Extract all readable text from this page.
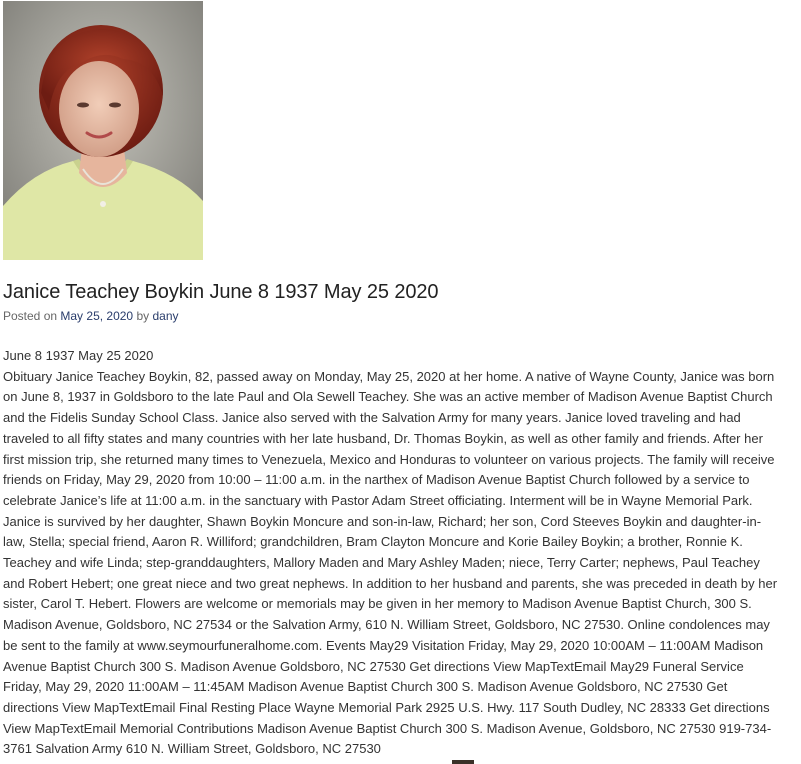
Janice Teachey Boykin June 8 1937 May 25 2020
Posted on May 25, 2020 by dany

June 8 1937 May 25 2020

Obituary Janice Teachey Boykin, 82, passed away on Monday, May 25, 2020 at her home. A native of Wayne County, Janice was born on June 8, 1937 in Goldsboro to the late Paul and Ola Sewell Teachey. She was an active member of Madison Avenue Baptist Church and the Fidelis Sunday School Class. Janice also served with the Salvation Army for many years. Janice loved traveling and had traveled to all fifty states and many countries with her late husband, Dr. Thomas Boykin, as well as other family and friends. After her first mission trip, she returned many times to Venezuela, Mexico and Honduras to volunteer on various projects. The family will receive friends on Friday, May 29, 2020 from 10:00 – 11:00 a.m. in the narthex of Madison Avenue Baptist Church followed by a service to celebrate Janice’s life at 11:00 a.m. in the sanctuary with Pastor Adam Street officiating. Interment will be in Wayne Memorial Park. Janice is survived by her daughter, Shawn Boykin Moncure and son-in-law, Richard; her son, Cord Steeves Boykin and daughter-in-law, Stella; special friend, Aaron R. Williford; grandchildren, Bram Clayton Moncure and Korie Bailey Boykin; a brother, Ronnie K. Teachey and wife Linda; step-granddaughters, Mallory Maden and Mary Ashley Maden; niece, Terry Carter; nephews, Paul Teachey and Robert Hebert; one great niece and two great nephews. In addition to her husband and parents, she was preceded in death by her sister, Carol T. Hebert. Flowers are welcome or memorials may be given in her memory to Madison Avenue Baptist Church, 300 S. Madison Avenue, Goldsboro, NC 27534 or the Salvation Army, 610 N. William Street, Goldsboro, NC 27530. Online condolences may be sent to the family at www.seymourfuneralhome.com. Events May29 Visitation Friday, May 29, 2020 10:00AM – 11:00AM Madison Avenue Baptist Church 300 S. Madison Avenue Goldsboro, NC 27530 Get directions View MapTextEmail May29 Funeral Service Friday, May 29, 2020 11:00AM – 11:45AM Madison Avenue Baptist Church 300 S. Madison Avenue Goldsboro, NC 27530 Get directions View MapTextEmail Final Resting Place Wayne Memorial Park 2925 U.S. Hwy. 117 South Dudley, NC 28333 Get directions View MapTextEmail Memorial Contributions Madison Avenue Baptist Church 300 S. Madison Avenue, Goldsboro, NC 27530 919-734-3761 Salvation Army 610 N. William Street, Goldsboro, NC 27530
